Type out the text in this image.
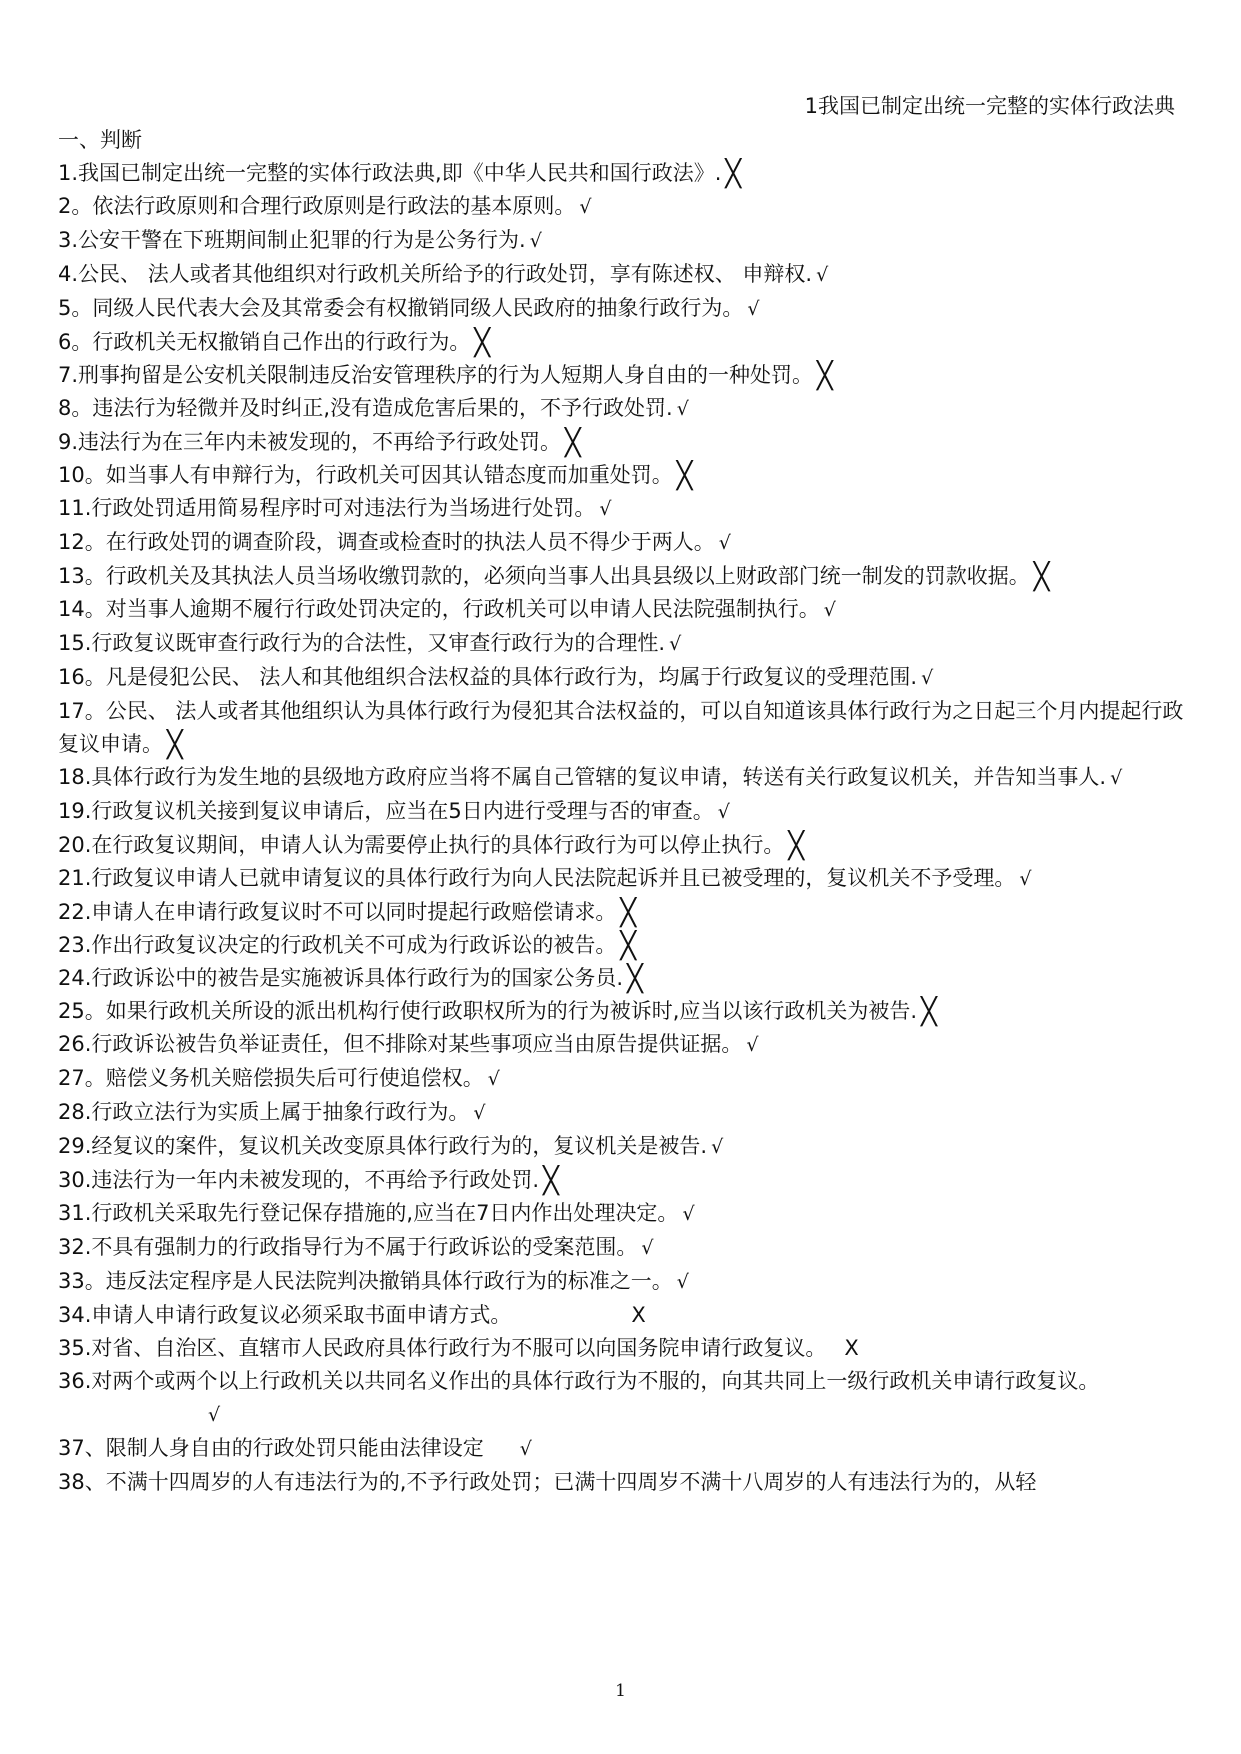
1我国已制定出统一完整的实体行政法典
一、判断
1.我国已制定出统一完整的实体行政法典,即《中华人民共和国行政法》. ╳
2。依法行政原则和合理行政原则是行政法的基本原则。 √
3.公安干警在下班期间制止犯罪的行为是公务行为. √
4.公民、 法人或者其他组织对行政机关所给予的行政处罚，享有陈述权、 申辩权. √
5。同级人民代表大会及其常委会有权撤销同级人民政府的抽象行政行为。 √
6。行政机关无权撤销自己作出的行政行为。 ╳
7.刑事拘留是公安机关限制违反治安管理秩序的行为人短期人身自由的一种处罚。 ╳
8。违法行为轻微并及时纠正,没有造成危害后果的，不予行政处罚. √
9.违法行为在三年内未被发现的，不再给予行政处罚。 ╳
10。如当事人有申辩行为，行政机关可因其认错态度而加重处罚。 ╳
11.行政处罚适用简易程序时可对违法行为当场进行处罚。 √
12。在行政处罚的调查阶段，调查或检查时的执法人员不得少于两人。 √
13。行政机关及其执法人员当场收缴罚款的，必须向当事人出具县级以上财政部门统一制发的罚款收据。 ╳
14。对当事人逾期不履行行政处罚决定的，行政机关可以申请人民法院强制执行。 √
15.行政复议既审查行政行为的合法性，又审查行政行为的合理性. √
16。凡是侵犯公民、 法人和其他组织合法权益的具体行政行为，均属于行政复议的受理范围. √
17。公民、 法人或者其他组织认为具体行政行为侵犯其合法权益的，可以自知道该具体行政行为之日起三个月内提起行政复议申请。 ╳
18.具体行政行为发生地的县级地方政府应当将不属自己管辖的复议申请，转送有关行政复议机关，并告知当事人. √
19.行政复议机关接到复议申请后，应当在5日内进行受理与否的审查。 √
20.在行政复议期间，申请人认为需要停止执行的具体行政行为可以停止执行。 ╳
21.行政复议申请人已就申请复议的具体行政行为向人民法院起诉并且已被受理的，复议机关不予受理。 √
22.申请人在申请行政复议时不可以同时提起行政赔偿请求。 ╳
23.作出行政复议决定的行政机关不可成为行政诉讼的被告。 ╳
24.行政诉讼中的被告是实施被诉具体行政行为的国家公务员. ╳
25。如果行政机关所设的派出机构行使行政职权所为的行为被诉时,应当以该行政机关为被告. ╳
26.行政诉讼被告负举证责任，但不排除对某些事项应当由原告提供证据。 √
27。赔偿义务机关赔偿损失后可行使追偿权。 √
28.行政立法行为实质上属于抽象行政行为。 √
29.经复议的案件，复议机关改变原具体行政行为的，复议机关是被告. √
30.违法行为一年内未被发现的，不再给予行政处罚. ╳
31.行政机关采取先行登记保存措施的,应当在7日内作出处理决定。 √
32.不具有强制力的行政指导行为不属于行政诉讼的受案范围。 √
33。违反法定程序是人民法院判决撤销具体行政行为的标准之一。 √
34.申请人申请行政复议必须采取书面申请方式。	X
35.对省、自治区、直辖市人民政府具体行政行为不服可以向国务院申请行政复议。 X
36.对两个或两个以上行政机关以共同名义作出的具体行政行为不服的，向其共同上一级行政机关申请行政复议。√
37、限制人身自由的行政处罚只能由法律设定 √
38、不满十四周岁的人有违法行为的,不予行政处罚；已满十四周岁不满十八周岁的人有违法行为的，从轻
1
